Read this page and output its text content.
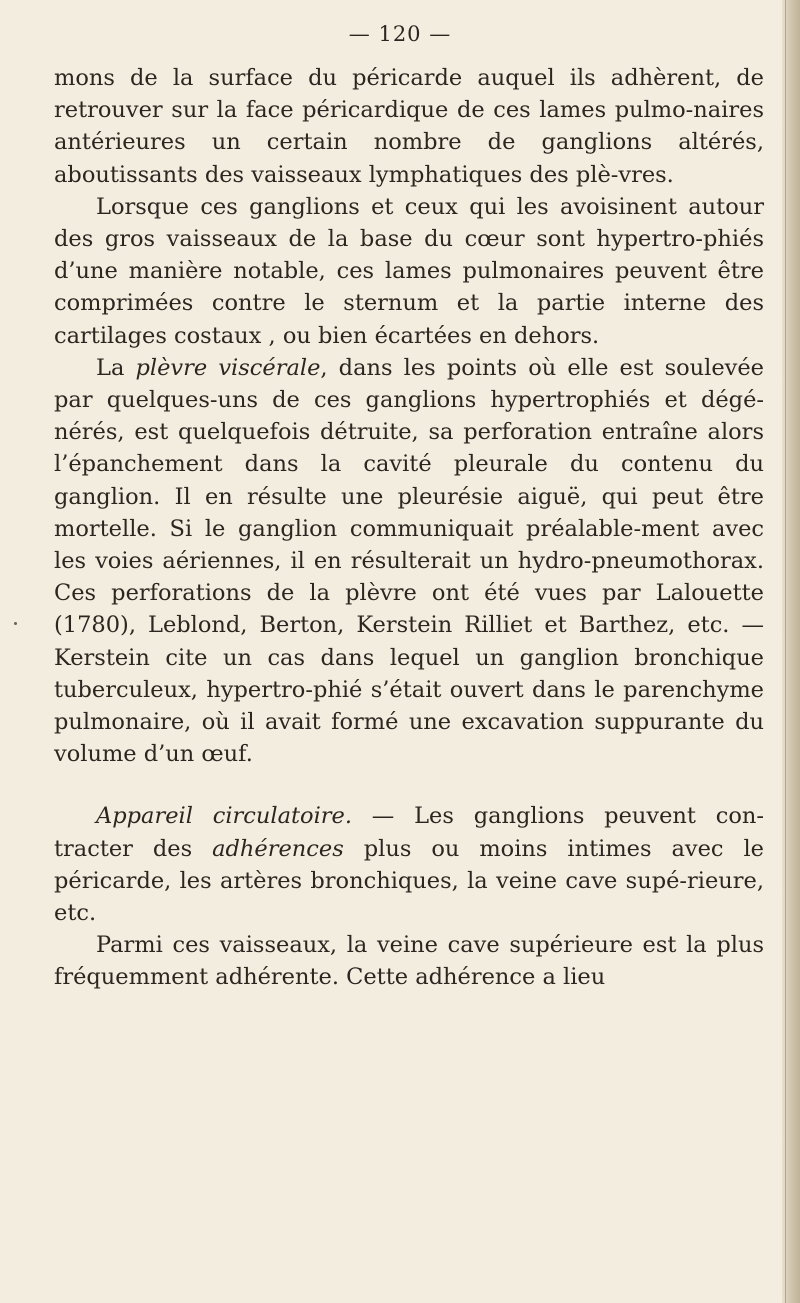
— 120 —

mons de la surface du péricarde auquel ils adhèrent, de retrouver sur la face péricardique de ces lames pulmo-naires antérieures un certain nombre de ganglions altérés, aboutissants des vaisseaux lymphatiques des plè-vres.

Lorsque ces ganglions et ceux qui les avoisinent autour des gros vaisseaux de la base du cœur sont hypertro-phiés d’une manière notable, ces lames pulmonaires peuvent être comprimées contre le sternum et la partie interne des cartilages costaux , ou bien écartées en dehors.

La plèvre viscérale, dans les points où elle est soulevée par quelques-uns de ces ganglions hypertrophiés et dégé-nérés, est quelquefois détruite, sa perforation entraîne alors l’épanchement dans la cavité pleurale du contenu du ganglion. Il en résulte une pleurésie aiguë, qui peut être mortelle. Si le ganglion communiquait préalable-ment avec les voies aériennes, il en résulterait un hydro-pneumothorax. Ces perforations de la plèvre ont été vues par Lalouette (1780), Leblond, Berton, Kerstein Rilliet et Barthez, etc. — Kerstein cite un cas dans lequel un ganglion bronchique tuberculeux, hypertro-phié s’était ouvert dans le parenchyme pulmonaire, où il avait formé une excavation suppurante du volume d’un œuf.

Appareil circulatoire. — Les ganglions peuvent con-tracter des adhérences plus ou moins intimes avec le péricarde, les artères bronchiques, la veine cave supé-rieure, etc.

Parmi ces vaisseaux, la veine cave supérieure est la plus fréquemment adhérente. Cette adhérence a lieu
